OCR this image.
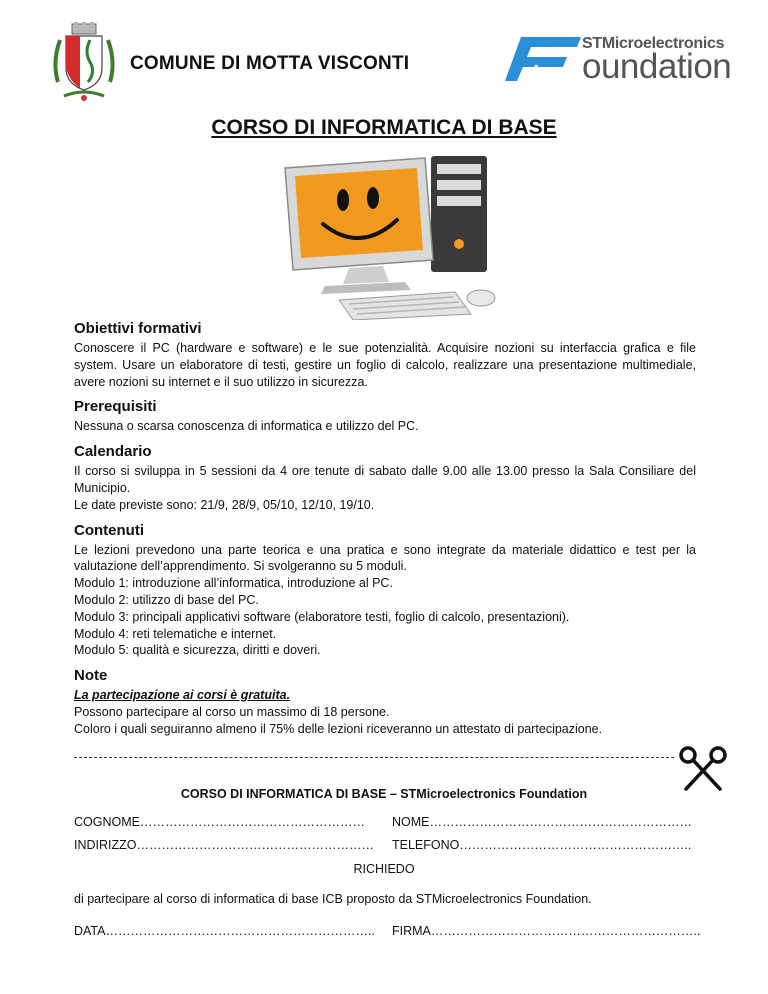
COMUNE DI MOTTA VISCONTI
STMicroelectronics
oundation
CORSO DI INFORMATICA DI BASE
Obiettivi formativi

Conoscere il PC (hardware e software) e le sue potenzialità. Acquisire nozioni su interfaccia grafica e file system. Usare un elaboratore di testi, gestire un foglio di calcolo, realizzare una presentazione multimediale, avere nozioni su internet e il suo utilizzo in sicurezza.

Prerequisiti

Nessuna o scarsa conoscenza di informatica e utilizzo del PC.

Calendario

Il corso si sviluppa in 5 sessioni da 4 ore tenute di sabato dalle 9.00 alle 13.00 presso la Sala Consiliare del Municipio.

Le date previste sono: 21/9, 28/9, 05/10, 12/10, 19/10.

Contenuti

Le lezioni prevedono una parte teorica e una pratica e sono integrate da materiale didattico e test per la valutazione dell’apprendimento. Si svolgeranno su 5 moduli.

Modulo 1: introduzione all’informatica, introduzione al PC.

Modulo 2: utilizzo di base del PC.

Modulo 3: principali applicativi software (elaboratore testi, foglio di calcolo, presentazioni).

Modulo 4: reti telematiche e internet.

Modulo 5: qualità e sicurezza, diritti e doveri.

Note
La partecipazione ai corsi è gratuita.

Possono partecipare al corso un massimo di 18 persone.

Coloro i quali seguiranno almeno il 75% delle lezioni riceveranno un attestato di partecipazione.

CORSO DI INFORMATICA DI BASE – STMicroelectronics Foundation
COGNOME……………………………………………… NOME………………………………………………………
INDIRIZZO………………………………………………… TELEFONO………………………………………………..
RICHIEDO
di partecipare al corso di informatica di base ICB proposto da STMicroelectronics Foundation.
DATA……………………………………………………….. FIRMA………………………………………………………..
